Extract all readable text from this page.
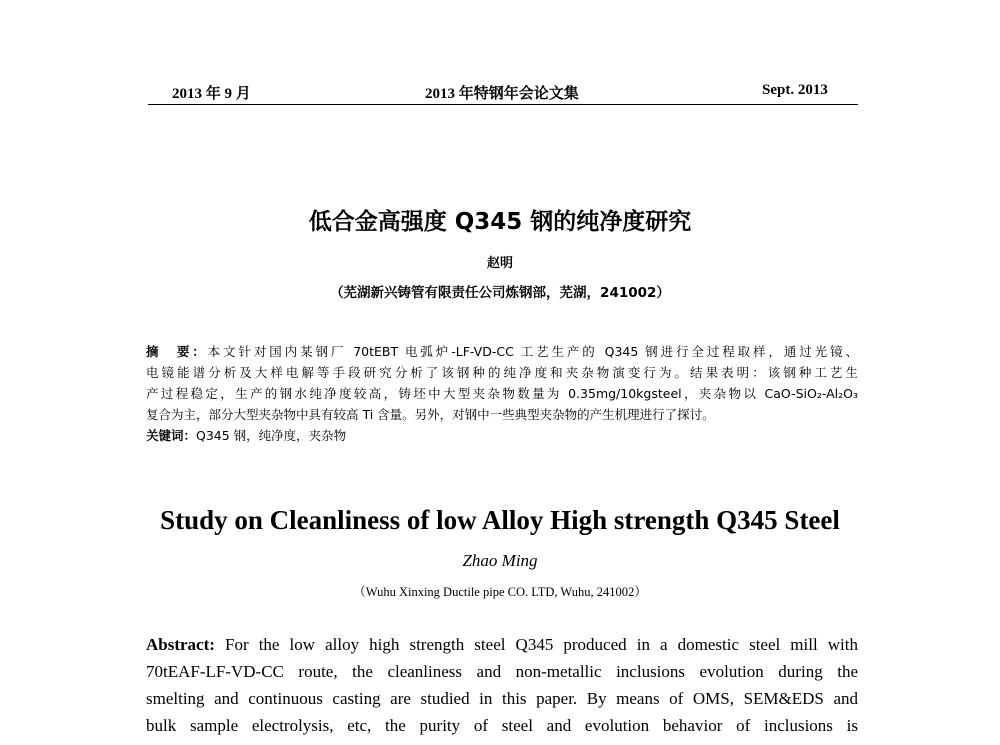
2013 年 9 月	2013 年特钢年会论文集	Sept. 2013
低合金高强度 Q345 钢的纯净度研究
赵明
（芜湖新兴铸管有限责任公司炼钢部，芜湖，241002）

摘　要：本文针对国内某钢厂 70tEBT 电弧炉-LF-VD-CC 工艺生产的 Q345 钢进行全过程取样，通过光镜、

电镜能谱分析及大样电解等手段研究分析了该钢种的纯净度和夹杂物演变行为。结果表明：该钢种工艺生

产过程稳定，生产的钢水纯净度较高，铸坯中大型夹杂物数量为 0.35mg/10kgsteel，夹杂物以 CaO-SiO₂-Al₂O₃

复合为主，部分大型夹杂物中具有较高 Ti 含量。另外，对钢中一些典型夹杂物的产生机理进行了探讨。

关键词：Q345 钢，纯净度，夹杂物

Study on Cleanliness of low Alloy High strength Q345 Steel
Zhao Ming
（Wuhu Xinxing Ductile pipe CO. LTD, Wuhu, 241002）

Abstract: For the low alloy high strength steel Q345 produced in a domestic steel mill with

70tEAF-LF-VD-CC route, the cleanliness and non-metallic inclusions evolution during the

smelting and continuous casting are studied in this paper. By means of OMS, SEM&EDS and

bulk sample electrolysis, etc, the purity of steel and evolution behavior of inclusions is
